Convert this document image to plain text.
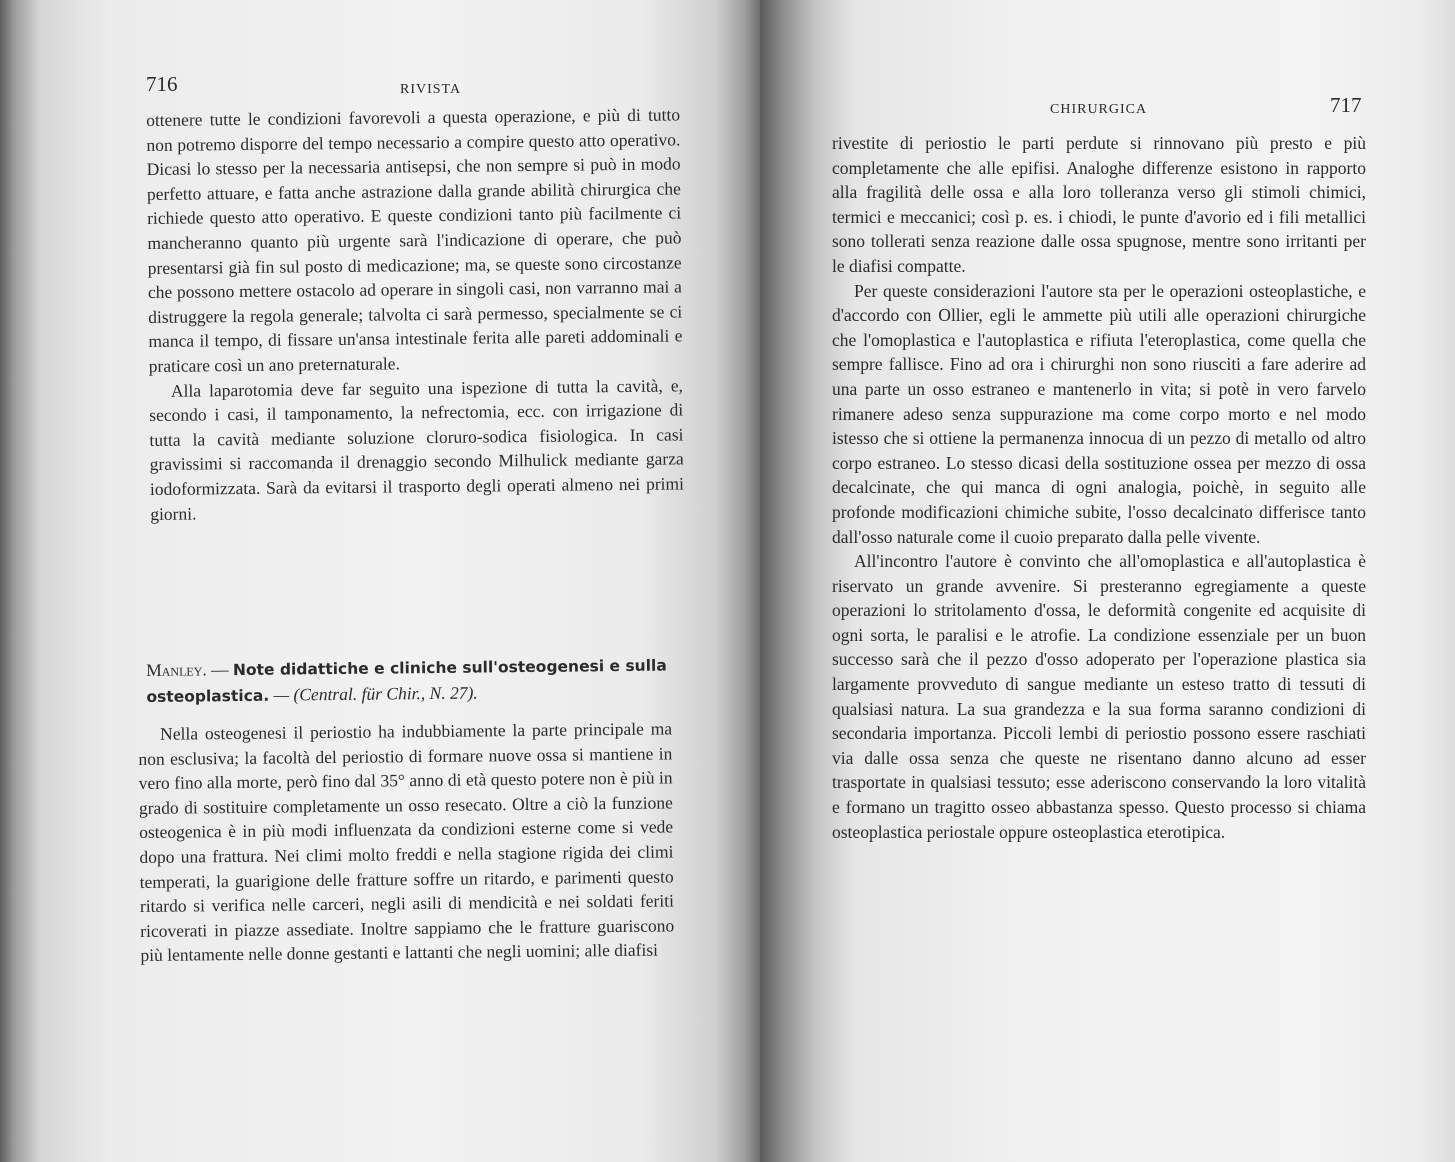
716	RIVISTA

ottenere tutte le condizioni favorevoli a questa operazione, e più di tutto non potremo disporre del tempo necessario a compire questo atto operativo. Dicasi lo stesso per la necessaria antisepsi, che non sempre si può in modo perfetto attuare, e fatta anche astrazione dalla grande abilità chirurgica che richiede questo atto operativo. E queste condizioni tanto più facilmente ci mancheranno quanto più urgente sarà l'indicazione di operare, che può presentarsi già fin sul posto di medicazione; ma, se queste sono circostanze che possono mettere ostacolo ad operare in singoli casi, non varranno mai a distruggere la regola generale; talvolta ci sarà permesso, specialmente se ci manca il tempo, di fissare un'ansa intestinale ferita alle pareti addominali e praticare così un ano preternaturale.

Alla laparotomia deve far seguito una ispezione di tutta la cavità, e, secondo i casi, il tamponamento, la nefrectomia, ecc. con irrigazione di tutta la cavità mediante soluzione cloruro-sodica fisiologica. In casi gravissimi si raccomanda il drenaggio secondo Milhulick mediante garza iodoformizzata. Sarà da evitarsi il trasporto degli operati almeno nei primi giorni.

Manley. — Note didattiche e cliniche sull'osteogenesi e sulla osteoplastica. — (Central. für Chir., N. 27).

Nella osteogenesi il periostio ha indubbiamente la parte principale ma non esclusiva; la facoltà del periostio di formare nuove ossa si mantiene in vero fino alla morte, però fino dal 35° anno di età questo potere non è più in grado di sostituire completamente un osso resecato. Oltre a ciò la funzione osteogenica è in più modi influenzata da condizioni esterne come si vede dopo una frattura. Nei climi molto freddi e nella stagione rigida dei climi temperati, la guarigione delle fratture soffre un ritardo, e parimenti questo ritardo si verifica nelle carceri, negli asili di mendicità e nei soldati feriti ricoverati in piazze assediate. Inoltre sappiamo che le fratture guariscono più lentamente nelle donne gestanti e lattanti che negli uomini; alle diafisi

CHIRURGICA	717

rivestite di periostio le parti perdute si rinnovano più presto e più completamente che alle epifisi. Analoghe differenze esistono in rapporto alla fragilità delle ossa e alla loro tolleranza verso gli stimoli chimici, termici e meccanici; così p. es. i chiodi, le punte d'avorio ed i fili metallici sono tollerati senza reazione dalle ossa spugnose, mentre sono irritanti per le diafisi compatte.

Per queste considerazioni l'autore sta per le operazioni osteoplastiche, e d'accordo con Ollier, egli le ammette più utili alle operazioni chirurgiche che l'omoplastica e l'autoplastica e rifiuta l'eteroplastica, come quella che sempre fallisce. Fino ad ora i chirurghi non sono riusciti a fare aderire ad una parte un osso estraneo e mantenerlo in vita; si potè in vero farvelo rimanere adeso senza suppurazione ma come corpo morto e nel modo istesso che si ottiene la permanenza innocua di un pezzo di metallo od altro corpo estraneo. Lo stesso dicasi della sostituzione ossea per mezzo di ossa decalcinate, che qui manca di ogni analogia, poichè, in seguito alle profonde modificazioni chimiche subite, l'osso decalcinato differisce tanto dall'osso naturale come il cuoio preparato dalla pelle vivente.

All'incontro l'autore è convinto che all'omoplastica e all'autoplastica è riservato un grande avvenire. Si presteranno egregiamente a queste operazioni lo stritolamento d'ossa, le deformità congenite ed acquisite di ogni sorta, le paralisi e le atrofie. La condizione essenziale per un buon successo sarà che il pezzo d'osso adoperato per l'operazione plastica sia largamente provveduto di sangue mediante un esteso tratto di tessuti di qualsiasi natura. La sua grandezza e la sua forma saranno condizioni di secondaria importanza. Piccoli lembi di periostio possono essere raschiati via dalle ossa senza che queste ne risentano danno alcuno ad esser trasportate in qualsiasi tessuto; esse aderiscono conservando la loro vitalità e formano un tragitto osseo abbastanza spesso. Questo processo si chiama osteoplastica periostale oppure osteoplastica eterotipica.
